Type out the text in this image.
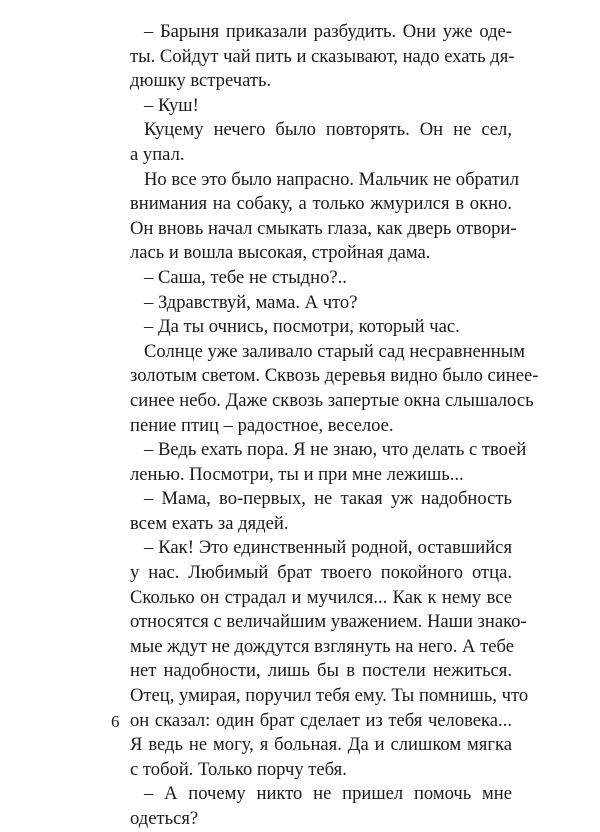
– Барыня приказали разбудить. Они уже оде-
ты. Сойдут чай пить и сказывают, надо ехать дя-
дюшку встречать.
– Куш!
Куцему нечего было повторять. Он не сел,
а упал.
Но все это было напрасно. Мальчик не обратил
внимания на собаку, а только жмурился в окно.
Он вновь начал смыкать глаза, как дверь отвори-
лась и вошла высокая, стройная дама.
– Саша, тебе не стыдно?..
– Здравствуй, мама. А что?
– Да ты очнись, посмотри, который час.
Солнце уже заливало старый сад несравненным
золотым светом. Сквозь деревья видно было синее-
синее небо. Даже сквозь запертые окна слышалось
пение птиц – радостное, веселое.
– Ведь ехать пора. Я не знаю, что делать с твоей
ленью. Посмотри, ты и при мне лежишь...
– Мама, во-первых, не такая уж надобность
всем ехать за дядей.
– Как! Это единственный родной, оставшийся
у нас. Любимый брат твоего покойного отца.
Сколько он страдал и мучился... Как к нему все
относятся с величайшим уважением. Наши знако-
мые ждут не дождутся взглянуть на него. А тебе
нет надобности, лишь бы в постели нежиться.
Отец, умирая, поручил тебя ему. Ты помнишь, что
он сказал: один брат сделает из тебя человека...
Я ведь не могу, я больная. Да и слишком мягка
с тобой. Только порчу тебя.
– А почему никто не пришел помочь мне
одеться?
6
